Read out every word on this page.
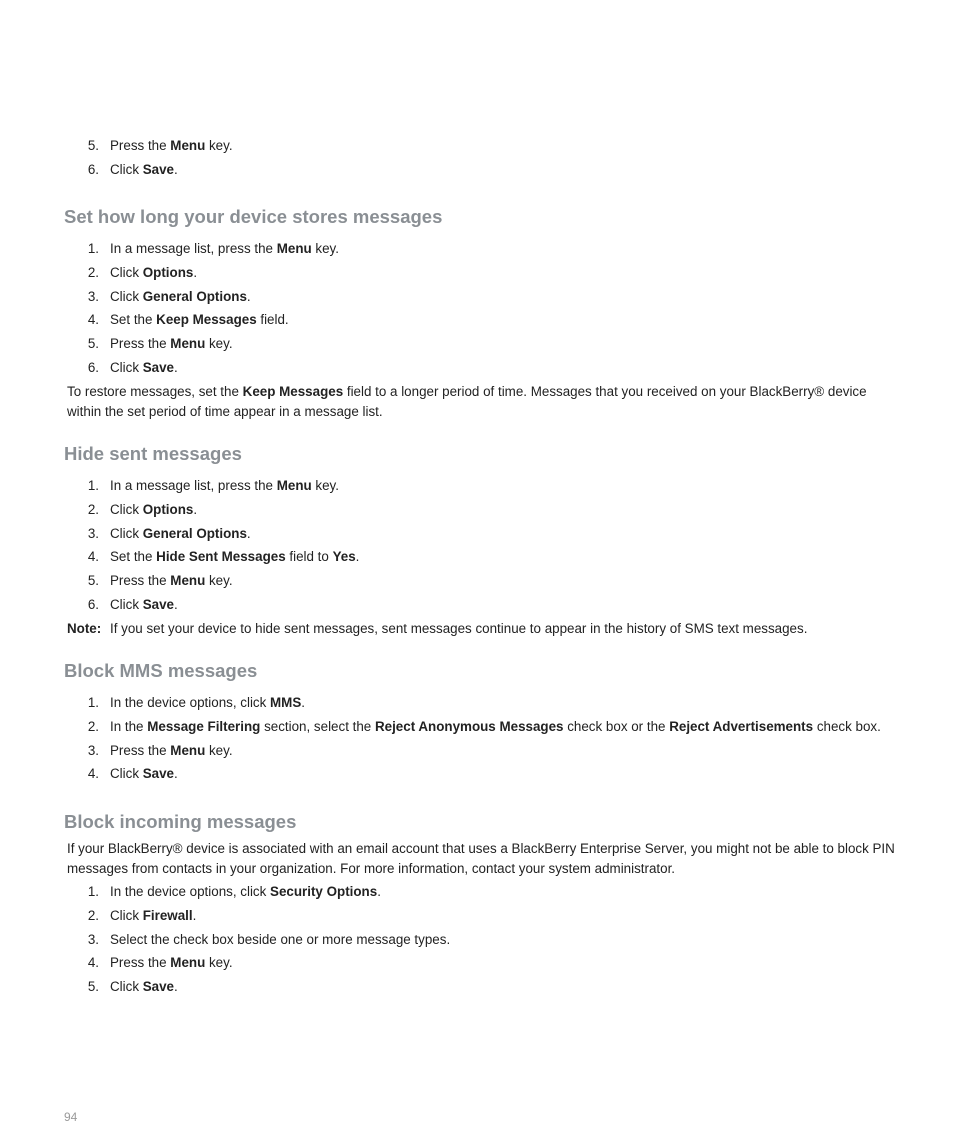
5. Press the Menu key.
6. Click Save.
Set how long your device stores messages
1. In a message list, press the Menu key.
2. Click Options.
3. Click General Options.
4. Set the Keep Messages field.
5. Press the Menu key.
6. Click Save.

To restore messages, set the Keep Messages field to a longer period of time. Messages that you received on your BlackBerry® device within the set period of time appear in a message list.

Hide sent messages
1. In a message list, press the Menu key.
2. Click Options.
3. Click General Options.
4. Set the Hide Sent Messages field to Yes.
5. Press the Menu key.
6. Click Save.
Note: If you set your device to hide sent messages, sent messages continue to appear in the history of SMS text messages.
Block MMS messages
1. In the device options, click MMS.
2. In the Message Filtering section, select the Reject Anonymous Messages check box or the Reject Advertisements check box.
3. Press the Menu key.
4. Click Save.
Block incoming messages

If your BlackBerry® device is associated with an email account that uses a BlackBerry Enterprise Server, you might not be able to block PIN messages from contacts in your organization. For more information, contact your system administrator.

1. In the device options, click Security Options.
2. Click Firewall.
3. Select the check box beside one or more message types.
4. Press the Menu key.
5. Click Save.
94
